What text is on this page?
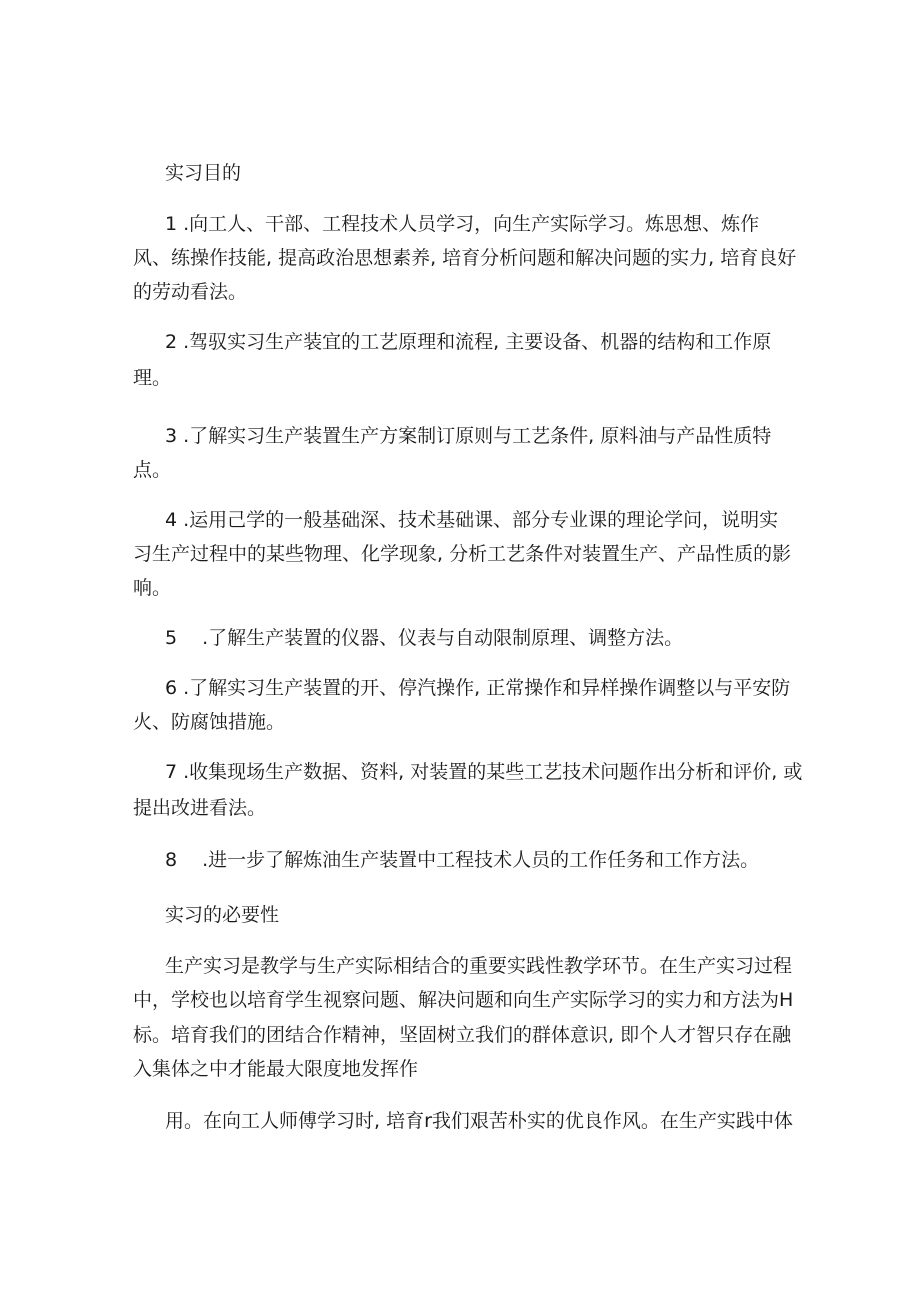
实习目的
1 .向工人、干部、工程技术人员学习，向生产实际学习。炼思想、炼作
风、练操作技能, 提高政治思想素养, 培育分析问题和解决问题的实力, 培育良好
的劳动看法。
2 .驾驭实习生产装宜的工艺原理和流程, 主要设备、机器的结构和工作原
理。
3 .了解实习生产装置生产方案制订原则与工艺条件, 原料油与产品性质特
点。
4 .运用己学的一般基础深、技术基础课、部分专业课的理论学问，说明实
习生产过程中的某些物理、化学现象, 分析工艺条件对装置生产、产品性质的影
响。
5 　.了解生产装置的仪器、仪表与自动限制原理、调整方法。
6 .了解实习生产装置的开、停汽操作, 正常操作和异样操作调整以与平安防
火、防腐蚀措施。
7 .收集现场生产数据、资料, 对装置的某些工艺技术问题作出分析和评价, 或
提出改进看法。
8 　.进一步了解炼油生产装置中工程技术人员的工作任务和工作方法。
实习的必要性
生产实习是教学与生产实际相结合的重要实践性教学环节。在生产实习过程
中，学校也以培育学生视察问题、解决问题和向生产实际学习的实力和方法为H
标。培育我们的团结合作精神，坚固树立我们的群体意识, 即个人才智只存在融
入集体之中才能最大限度地发挥作
用。在向工人师傅学习时, 培育r我们艰苦朴实的优良作风。在生产实践中体
